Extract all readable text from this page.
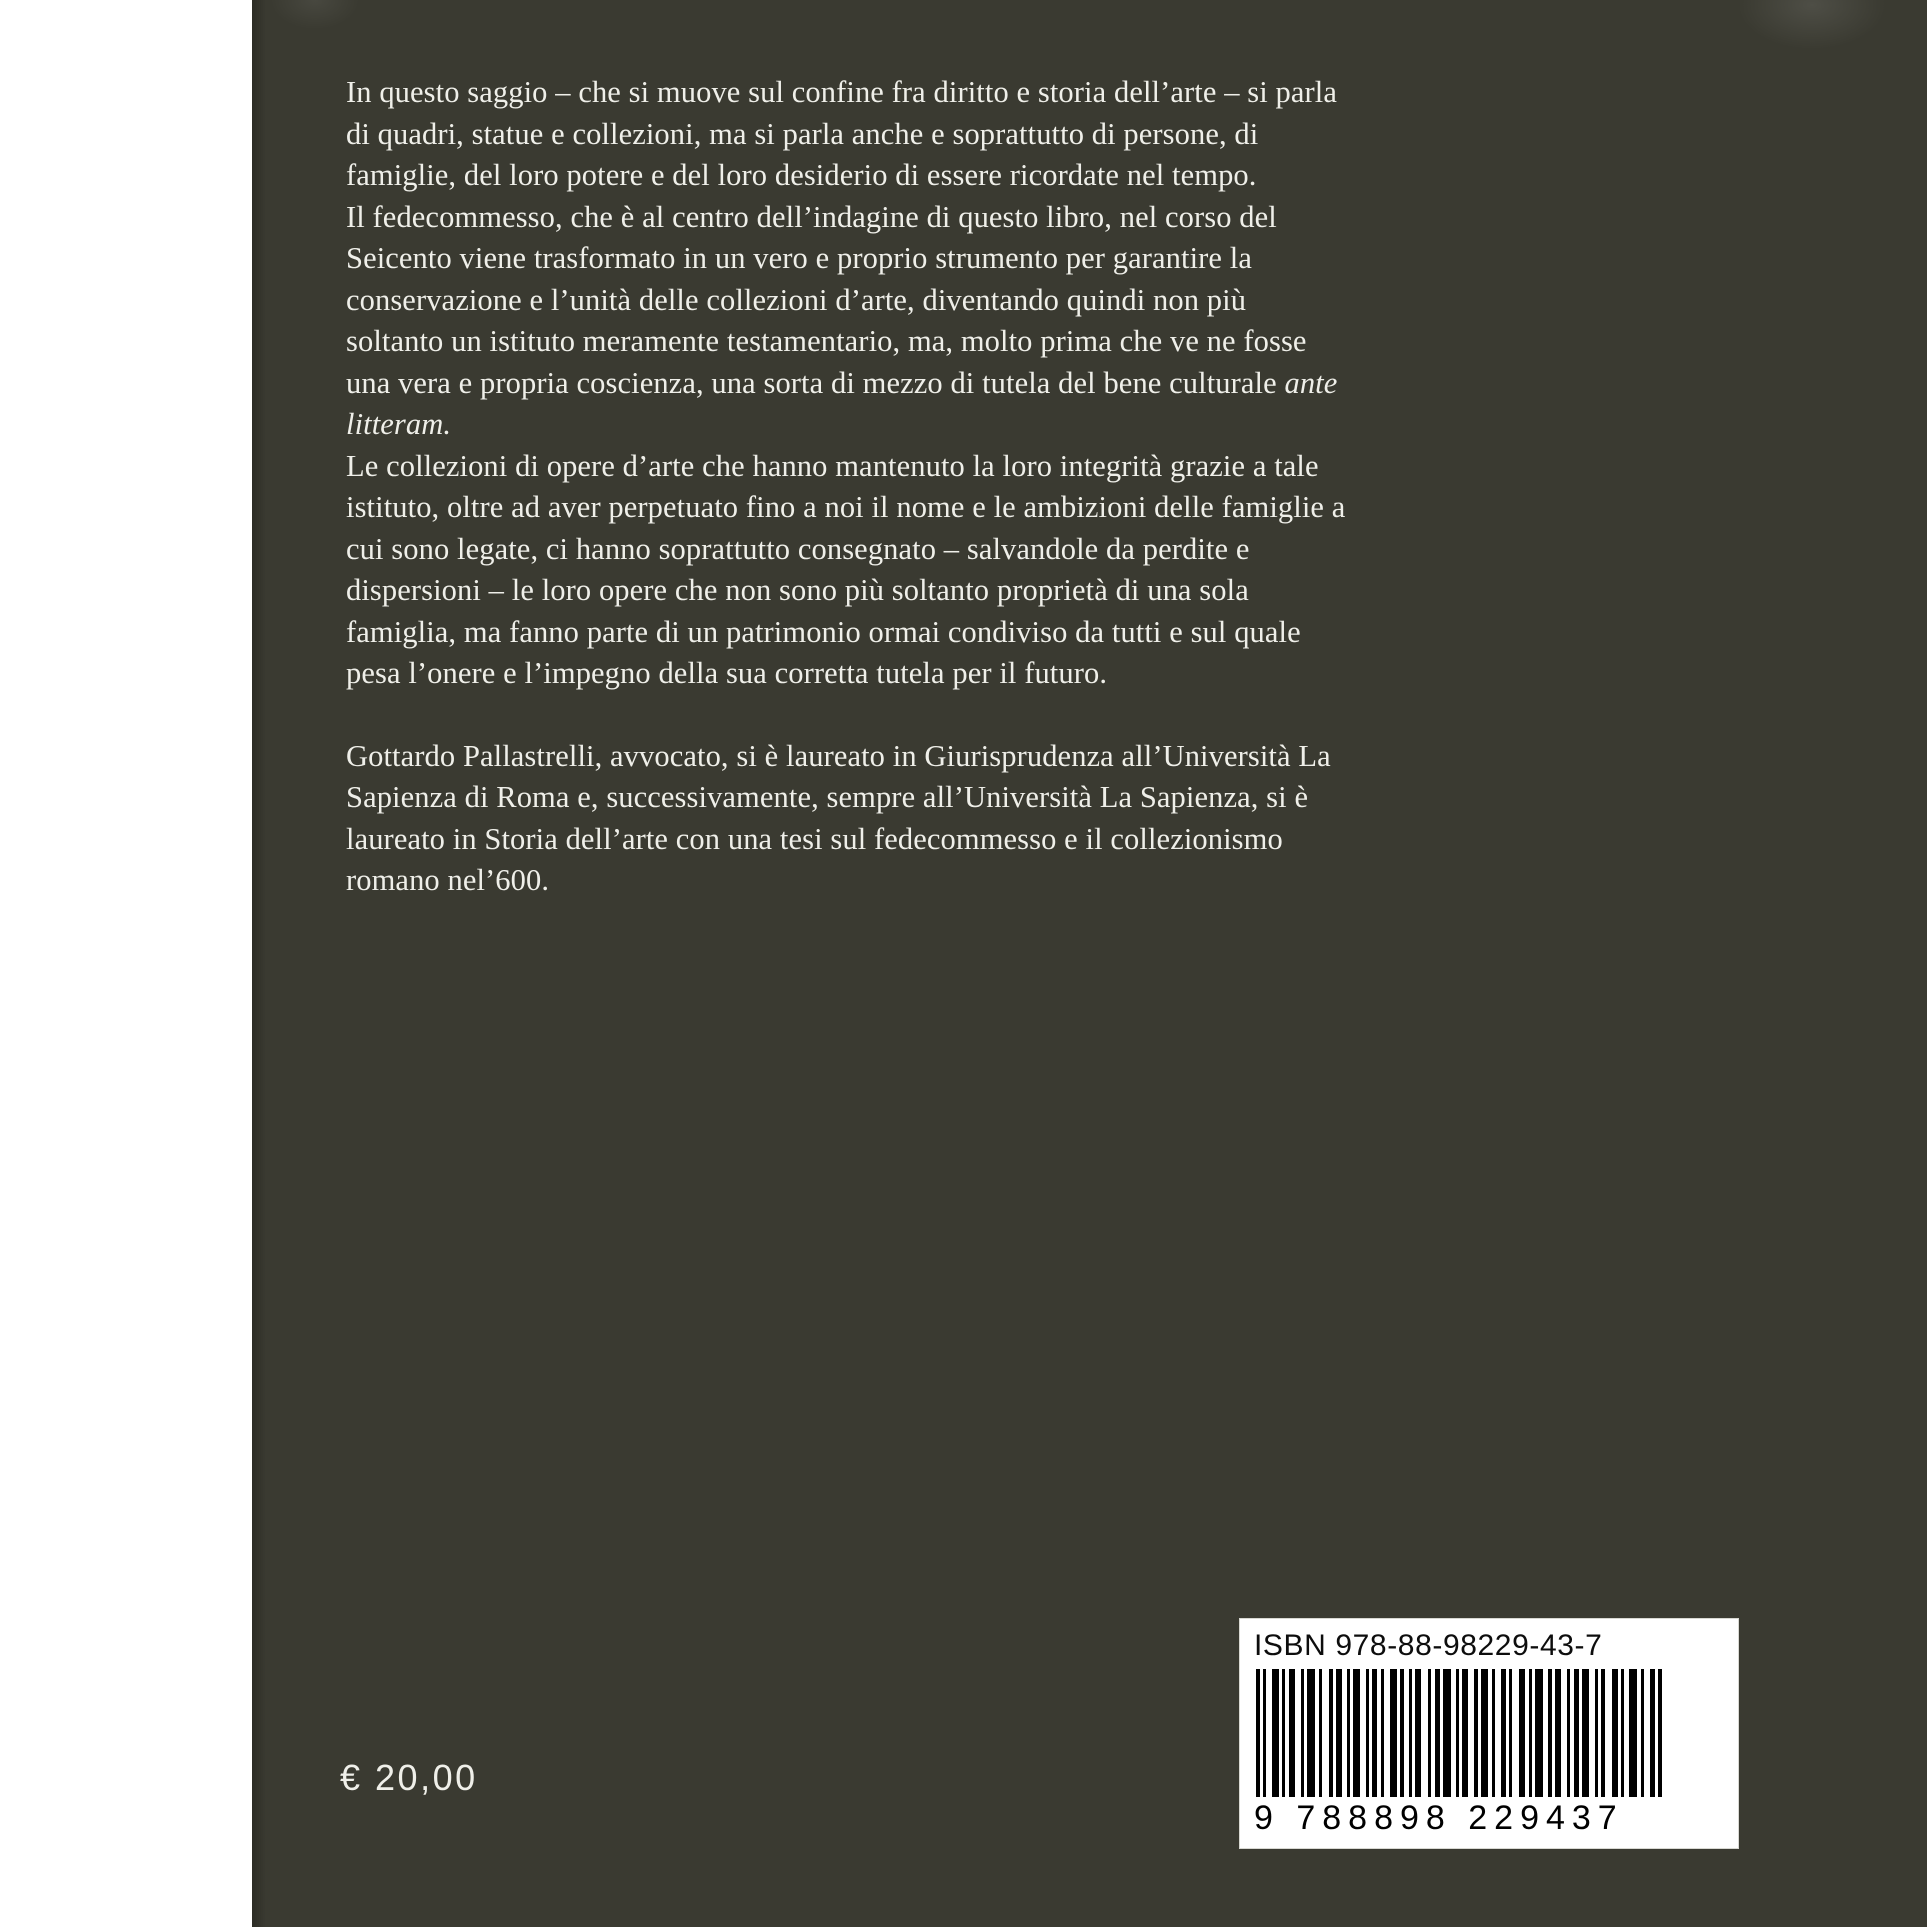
In questo saggio – che si muove sul confine fra diritto e storia dell’arte – si parla di quadri, statue e collezioni, ma si parla anche e soprattutto di persone, di famiglie, del loro potere e del loro desiderio di essere ricordate nel tempo.

Il fedecommesso, che è al centro dell’indagine di questo libro, nel corso del Seicento viene trasformato in un vero e proprio strumento per garantire la conservazione e l’unità delle collezioni d’arte, diventando quindi non più soltanto un istituto meramente testamentario, ma, molto prima che ve ne fosse una vera e propria coscienza, una sorta di mezzo di tutela del bene culturale ante litteram.

Le collezioni di opere d’arte che hanno mantenuto la loro integrità grazie a tale istituto, oltre ad aver perpetuato fino a noi il nome e le ambizioni delle famiglie a cui sono legate, ci hanno soprattutto consegnato – salvandole da perdite e dispersioni – le loro opere che non sono più soltanto proprietà di una sola famiglia, ma fanno parte di un patrimonio ormai condiviso da tutti e sul quale pesa l’onere e l’impegno della sua corretta tutela per il futuro.

Gottardo Pallastrelli, avvocato, si è laureato in Giurisprudenza all’Università La Sapienza di Roma e, successivamente, sempre all’Università La Sapienza, si è laureato in Storia dell’arte con una tesi sul fedecommesso e il collezionismo romano nel’600.

€ 20,00
ISBN 978-88-98229-43-7
9 788898 229437
